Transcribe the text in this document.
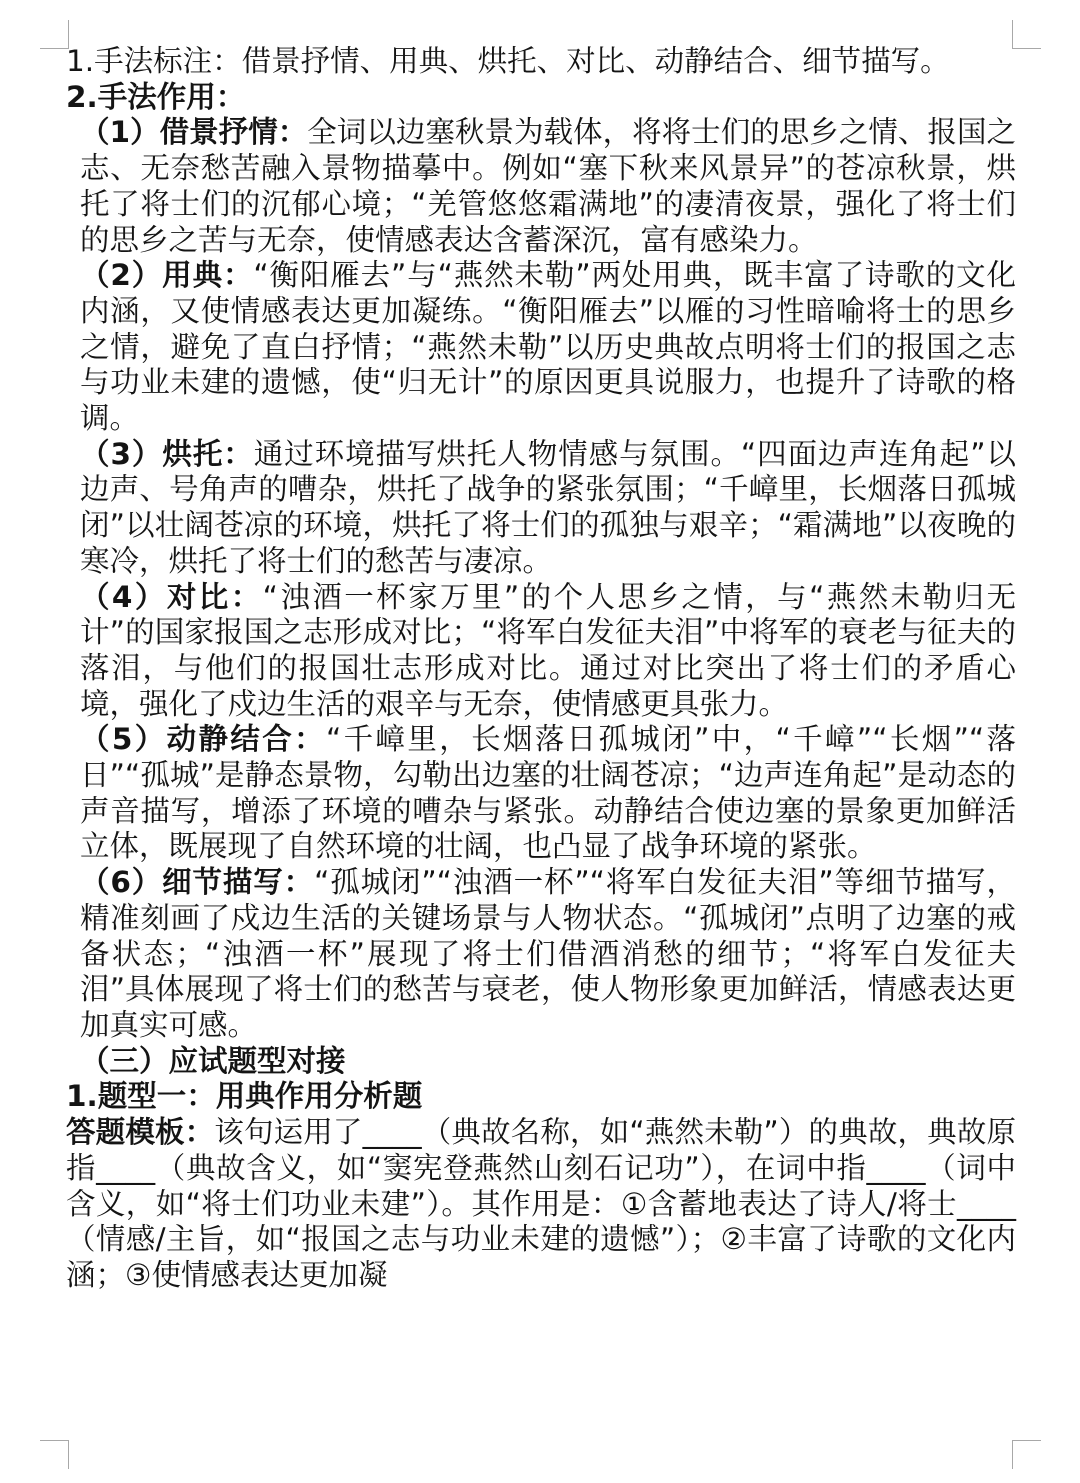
1.手法标注：借景抒情、用典、烘托、对比、动静结合、细节描写。

2.手法作用：

（1）借景抒情：全词以边塞秋景为载体，将将士们的思乡之情、报国之志、无奈愁苦融入景物描摹中。例如“塞下秋来风景异”的苍凉秋景，烘托了将士们的沉郁心境；“羌管悠悠霜满地”的凄清夜景，强化了将士们的思乡之苦与无奈，使情感表达含蓄深沉，富有感染力。

（2）用典：“衡阳雁去”与“燕然未勒”两处用典，既丰富了诗歌的文化内涵，又使情感表达更加凝练。“衡阳雁去”以雁的习性暗喻将士的思乡之情，避免了直白抒情；“燕然未勒”以历史典故点明将士们的报国之志与功业未建的遗憾，使“归无计”的原因更具说服力，也提升了诗歌的格调。

（3）烘托：通过环境描写烘托人物情感与氛围。“四面边声连角起”以边声、号角声的嘈杂，烘托了战争的紧张氛围；“千嶂里，长烟落日孤城闭”以壮阔苍凉的环境，烘托了将士们的孤独与艰辛；“霜满地”以夜晚的寒冷，烘托了将士们的愁苦与凄凉。

（4）对比：“浊酒一杯家万里”的个人思乡之情，与“燕然未勒归无计”的国家报国之志形成对比；“将军白发征夫泪”中将军的衰老与征夫的落泪，与他们的报国壮志形成对比。通过对比突出了将士们的矛盾心境，强化了戍边生活的艰辛与无奈，使情感更具张力。

（5）动静结合：“千嶂里，长烟落日孤城闭”中，“千嶂”“长烟”“落日”“孤城”是静态景物，勾勒出边塞的壮阔苍凉；“边声连角起”是动态的声音描写，增添了环境的嘈杂与紧张。动静结合使边塞的景象更加鲜活立体，既展现了自然环境的壮阔，也凸显了战争环境的紧张。

（6）细节描写：“孤城闭”“浊酒一杯”“将军白发征夫泪”等细节描写，精准刻画了戍边生活的关键场景与人物状态。“孤城闭”点明了边塞的戒备状态；“浊酒一杯”展现了将士们借酒消愁的细节；“将军白发征夫泪”具体展现了将士们的愁苦与衰老，使人物形象更加鲜活，情感表达更加真实可感。

（三）应试题型对接

1.题型一：用典作用分析题

答题模板：该句运用了____（典故名称，如“燕然未勒”）的典故，典故原指____（典故含义，如“窦宪登燕然山刻石记功”），在词中指____（词中含义，如“将士们功业未建”）。其作用是：①含蓄地表达了诗人/将士____（情感/主旨，如“报国之志与功业未建的遗憾”）；②丰富了诗歌的文化内涵；③使情感表达更加凝
